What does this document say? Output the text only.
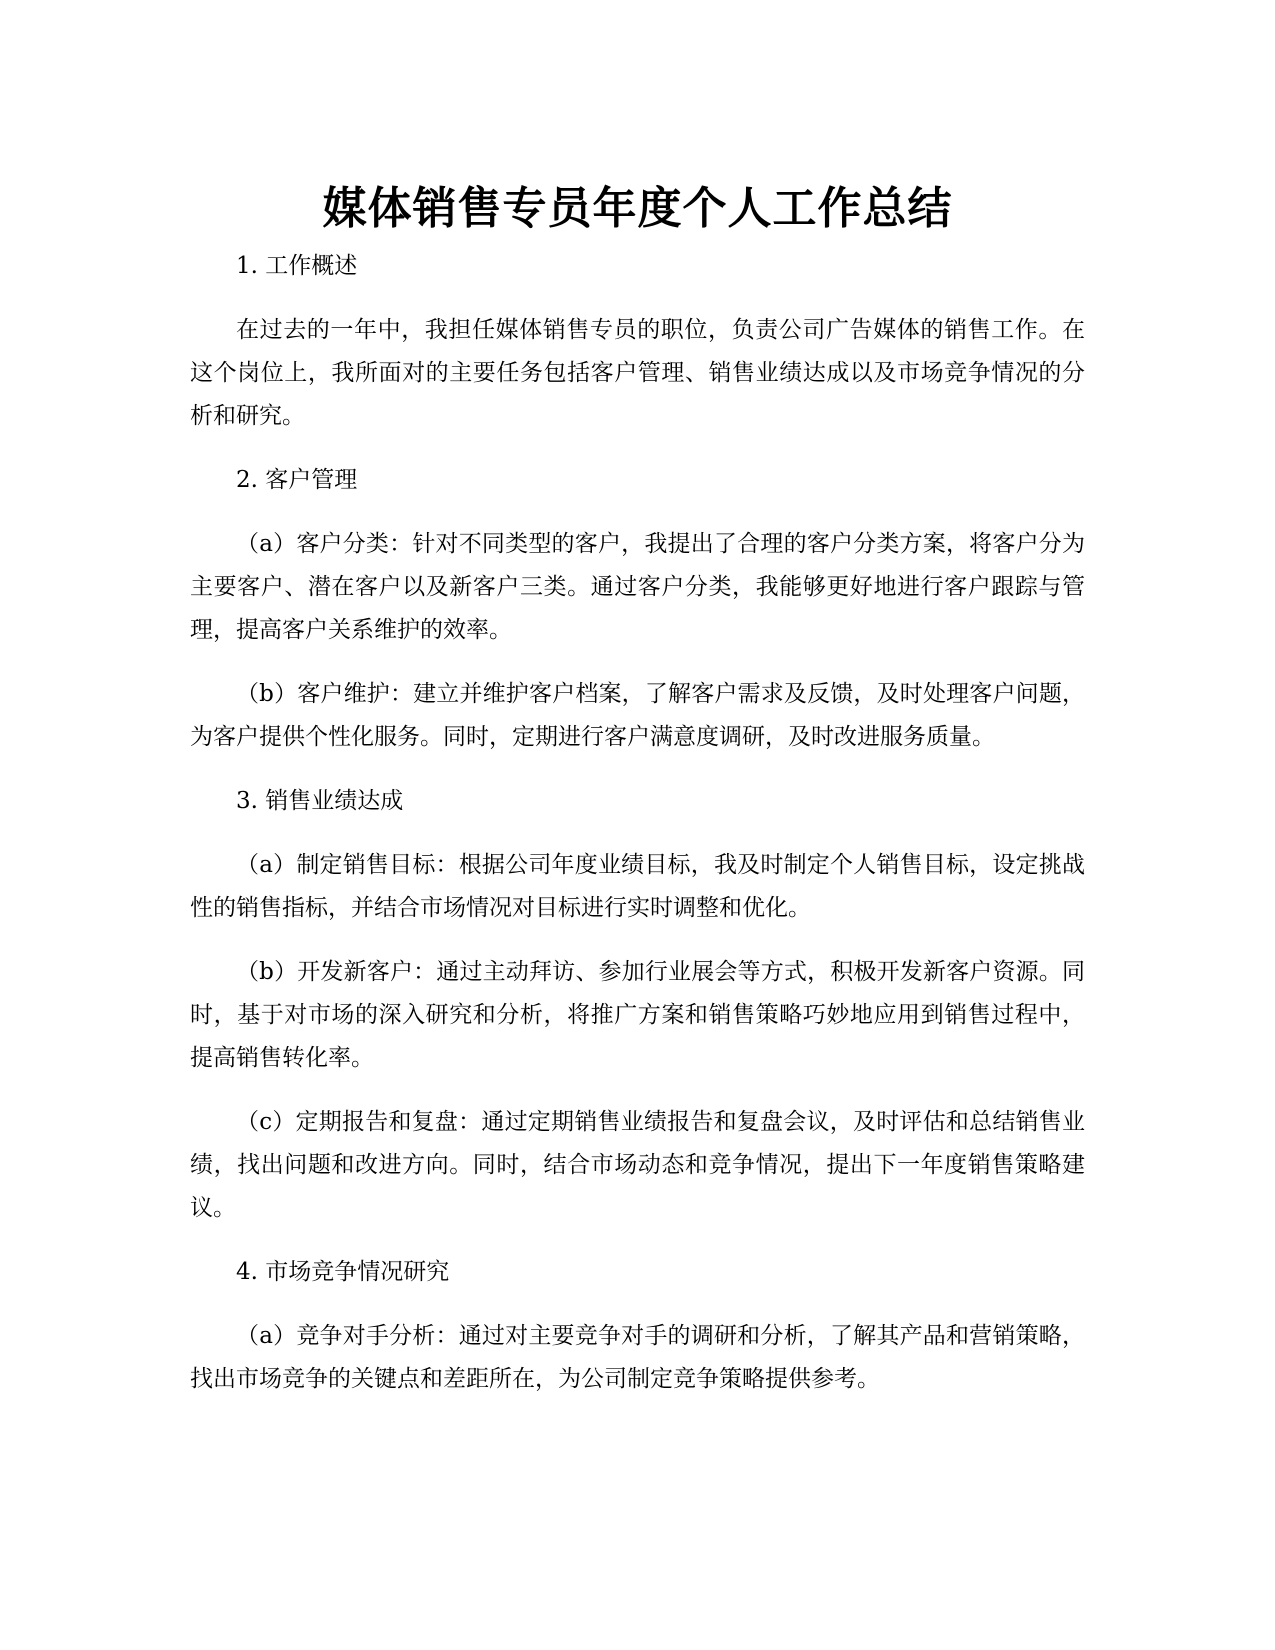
媒体销售专员年度个人工作总结

1. 工作概述

在过去的一年中，我担任媒体销售专员的职位，负责公司广告媒体的销售工作。在这个岗位上，我所面对的主要任务包括客户管理、销售业绩达成以及市场竞争情况的分析和研究。

2. 客户管理

（a）客户分类：针对不同类型的客户，我提出了合理的客户分类方案，将客户分为主要客户、潜在客户以及新客户三类。通过客户分类，我能够更好地进行客户跟踪与管理，提高客户关系维护的效率。

（b）客户维护：建立并维护客户档案，了解客户需求及反馈，及时处理客户问题，为客户提供个性化服务。同时，定期进行客户满意度调研，及时改进服务质量。

3. 销售业绩达成

（a）制定销售目标：根据公司年度业绩目标，我及时制定个人销售目标，设定挑战性的销售指标，并结合市场情况对目标进行实时调整和优化。

（b）开发新客户：通过主动拜访、参加行业展会等方式，积极开发新客户资源。同时，基于对市场的深入研究和分析，将推广方案和销售策略巧妙地应用到销售过程中，提高销售转化率。

（c）定期报告和复盘：通过定期销售业绩报告和复盘会议，及时评估和总结销售业绩，找出问题和改进方向。同时，结合市场动态和竞争情况，提出下一年度销售策略建议。

4. 市场竞争情况研究

（a）竞争对手分析：通过对主要竞争对手的调研和分析，了解其产品和营销策略，找出市场竞争的关键点和差距所在，为公司制定竞争策略提供参考。
